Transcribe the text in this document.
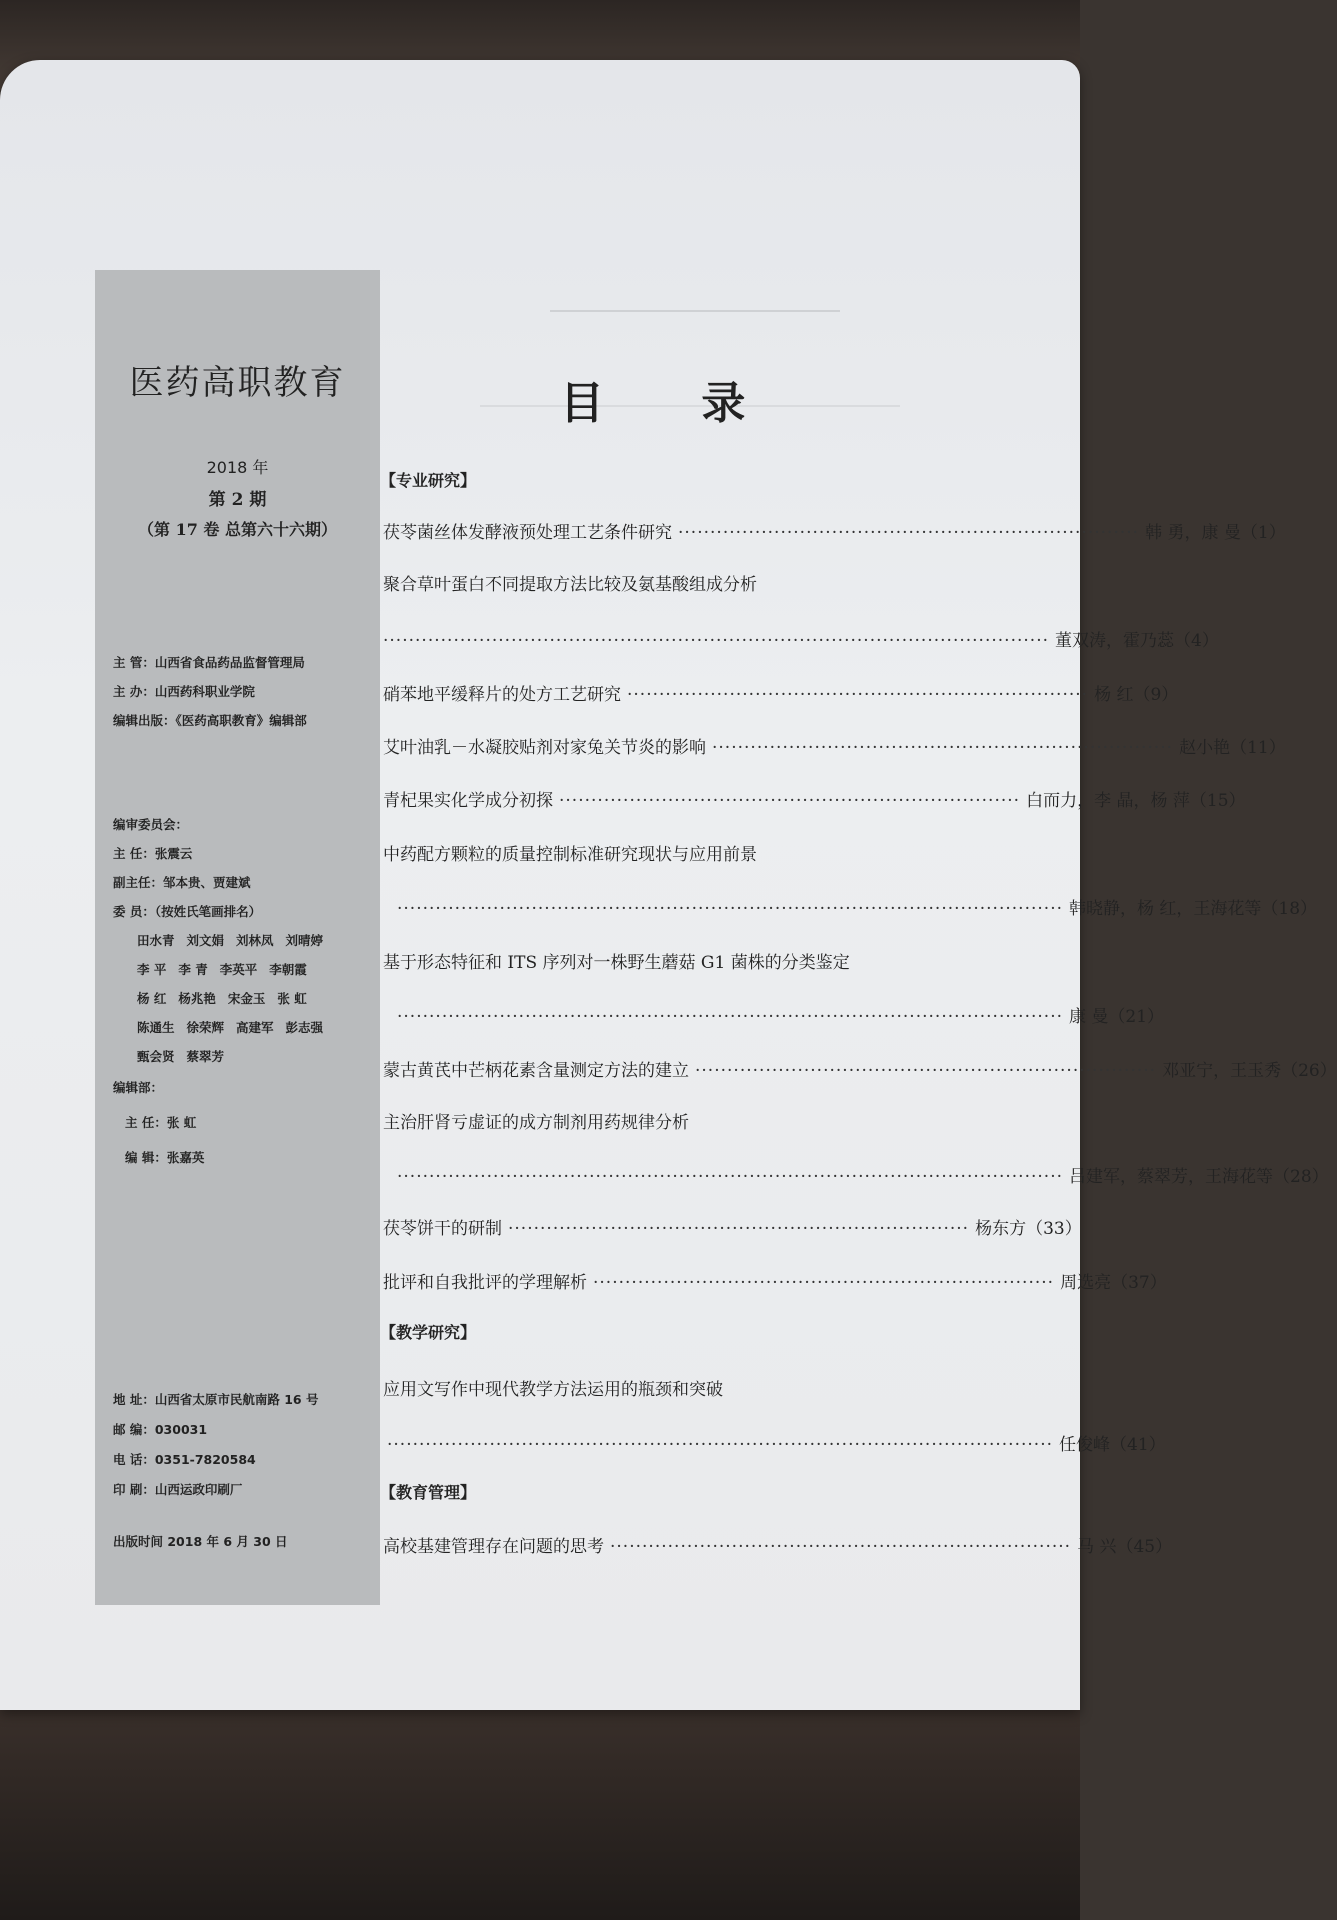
医药高职教育
2018 年
第 2 期
（第 17 卷 总第六十六期）
主 管：山西省食品药品监督管理局
主 办：山西药科职业学院
编辑出版：《医药高职教育》编辑部
编审委员会：
主 任：张震云
副主任：邹本贵、贾建斌
委 员：（按姓氏笔画排名）
田水青 刘文娟 刘林凤 刘晴婷
李 平 李 青 李英平 李朝霞
杨 红 杨兆艳 宋金玉 张 虹
陈通生 徐荣辉 高建军 彭志强
甄会贤 蔡翠芳
编辑部：
主 任：张 虹
编 辑：张嘉英
地 址：山西省太原市民航南路 16 号
邮 编：030031
电 话：0351-7820584
印 刷：山西运政印刷厂
出版时间 2018 年 6 月 30 日
目 录
【专业研究】
茯苓菌丝体发酵液预处理工艺条件研究 ········································································ 韩 勇，康 曼（1）
聚合草叶蛋白不同提取方法比较及氨基酸组成分析
········································································································ 董双涛，霍乃蕊（4）
硝苯地平缓释片的处方工艺研究 ········································································ 杨 红（9）
艾叶油乳－水凝胶贴剂对家兔关节炎的影响 ········································································ 赵小艳（11）
青杞果实化学成分初探 ········································································ 白而力，李 晶，杨 萍（15）
中药配方颗粒的质量控制标准研究现状与应用前景
········································································································ 韩晓静，杨 红，王海花等（18）
基于形态特征和 ITS 序列对一株野生蘑菇 G1 菌株的分类鉴定
········································································································ 康 曼（21）
蒙古黄芪中芒柄花素含量测定方法的建立 ········································································ 邓亚宁，王玉秀（26）
主治肝肾亏虚证的成方制剂用药规律分析
········································································································ 吕建军，蔡翠芳，王海花等（28）
茯苓饼干的研制 ········································································ 杨东方（33）
批评和自我批评的学理解析 ········································································ 周选亮（37）
【教学研究】
应用文写作中现代教学方法运用的瓶颈和突破
········································································································ 任俊峰（41）
【教育管理】
高校基建管理存在问题的思考 ········································································ 马 兴（45）
